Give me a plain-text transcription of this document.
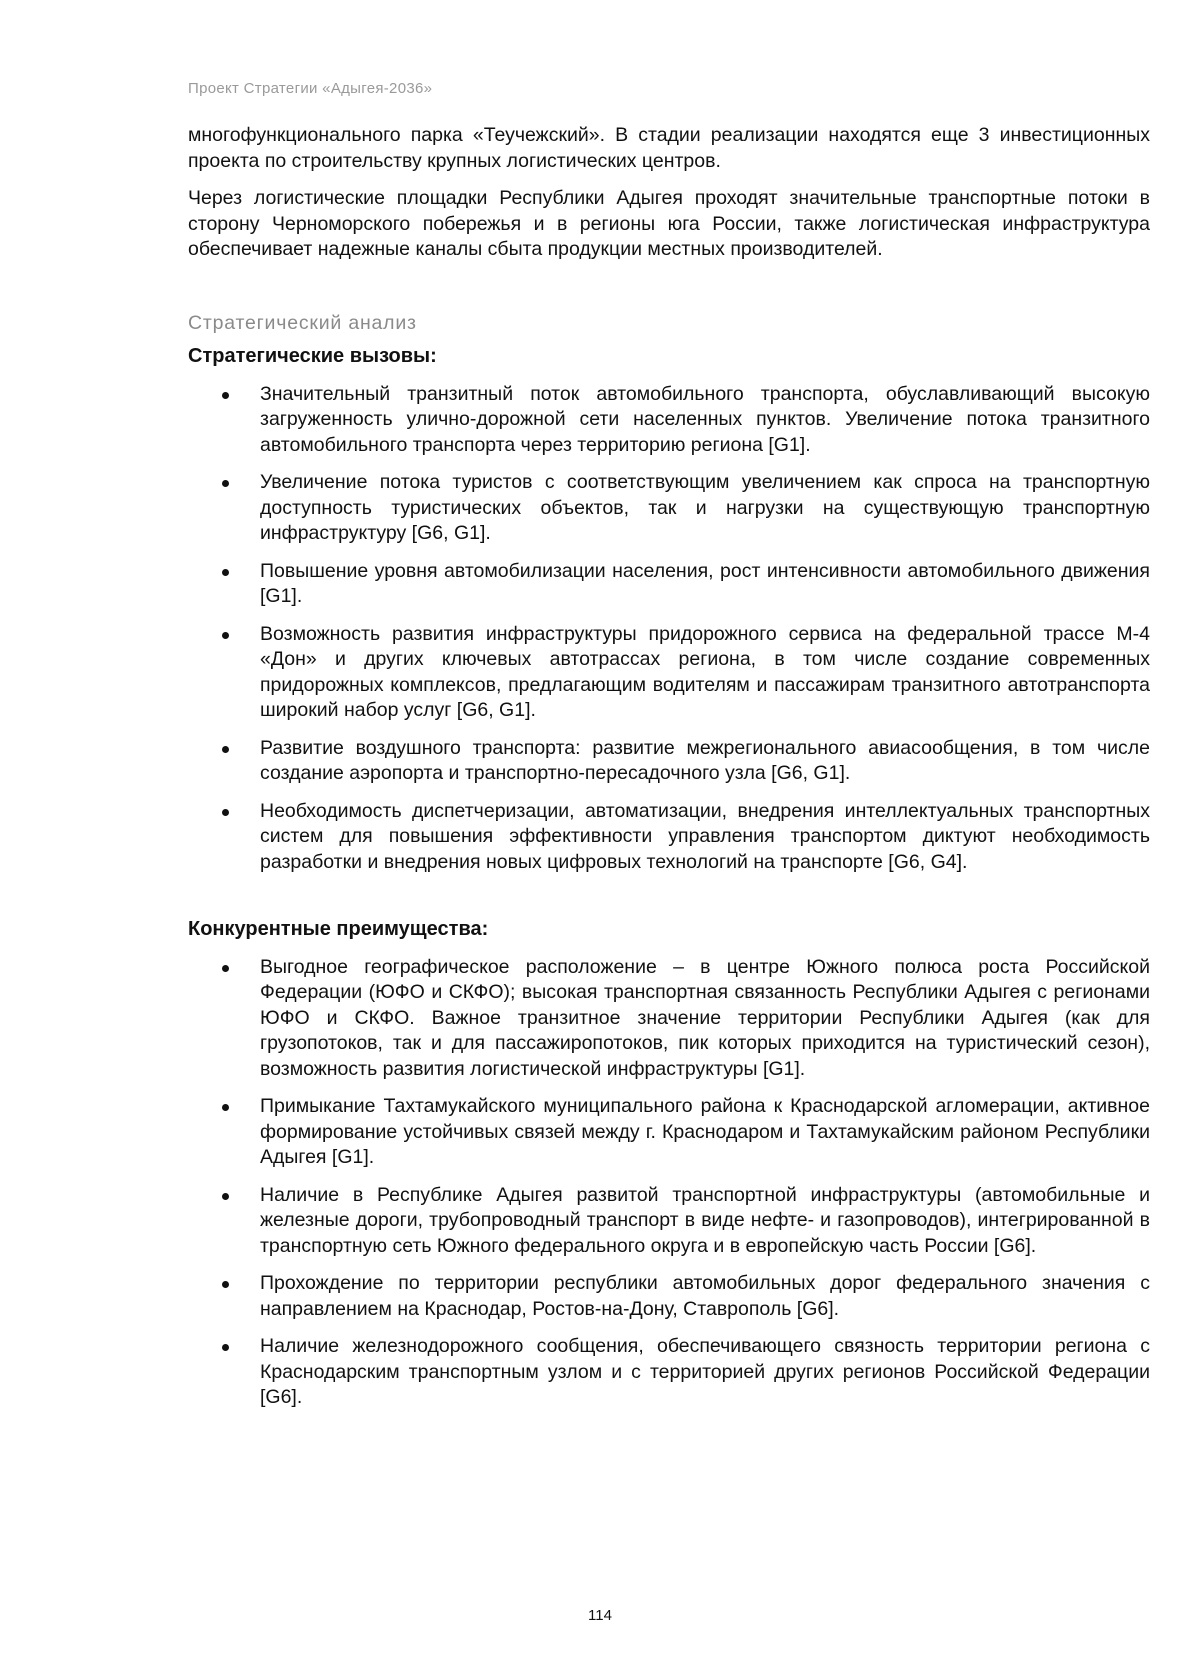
Проект Стратегии «Адыгея-2036»

многофункционального парка «Теучежский». В стадии реализации находятся еще 3 инвестиционных проекта по строительству крупных логистических центров.

Через логистические площадки Республики Адыгея проходят значительные транспортные потоки в сторону Черноморского побережья и в регионы юга России, также логистическая инфраструктура обеспечивает надежные каналы сбыта продукции местных производителей.

Стратегический анализ
Стратегические вызовы:
Значительный транзитный поток автомобильного транспорта, обуславливающий высокую загруженность улично-дорожной сети населенных пунктов. Увеличение потока транзитного автомобильного транспорта через территорию региона [G1].
Увеличение потока туристов с соответствующим увеличением как спроса на транспортную доступность туристических объектов, так и нагрузки на существующую транспортную инфраструктуру [G6, G1].
Повышение уровня автомобилизации населения, рост интенсивности автомобильного движения [G1].
Возможность развития инфраструктуры придорожного сервиса на федеральной трассе М-4 «Дон» и других ключевых автотрассах региона, в том числе создание современных придорожных комплексов, предлагающим водителям и пассажирам транзитного автотранспорта широкий набор услуг [G6, G1].
Развитие воздушного транспорта: развитие межрегионального авиасообщения, в том числе создание аэропорта и транспортно-пересадочного узла [G6, G1].
Необходимость диспетчеризации, автоматизации, внедрения интеллектуальных транспортных систем для повышения эффективности управления транспортом диктуют необходимость разработки и внедрения новых цифровых технологий на транспорте [G6, G4].
Конкурентные преимущества:
Выгодное географическое расположение – в центре Южного полюса роста Российской Федерации (ЮФО и СКФО); высокая транспортная связанность Республики Адыгея с регионами ЮФО и СКФО. Важное транзитное значение территории Республики Адыгея (как для грузопотоков, так и для пассажиропотоков, пик которых приходится на туристический сезон), возможность развития логистической инфраструктуры [G1].
Примыкание Тахтамукайского муниципального района к Краснодарской агломерации, активное формирование устойчивых связей между г. Краснодаром и Тахтамукайским районом Республики Адыгея [G1].
Наличие в Республике Адыгея развитой транспортной инфраструктуры (автомобильные и железные дороги, трубопроводный транспорт в виде нефте- и газопроводов), интегрированной в транспортную сеть Южного федерального округа и в европейскую часть России [G6].
Прохождение по территории республики автомобильных дорог федерального значения с направлением на Краснодар, Ростов-на-Дону, Ставрополь [G6].
Наличие железнодорожного сообщения, обеспечивающего связность территории региона с Краснодарским транспортным узлом и с территорией других регионов Российской Федерации [G6].
114
